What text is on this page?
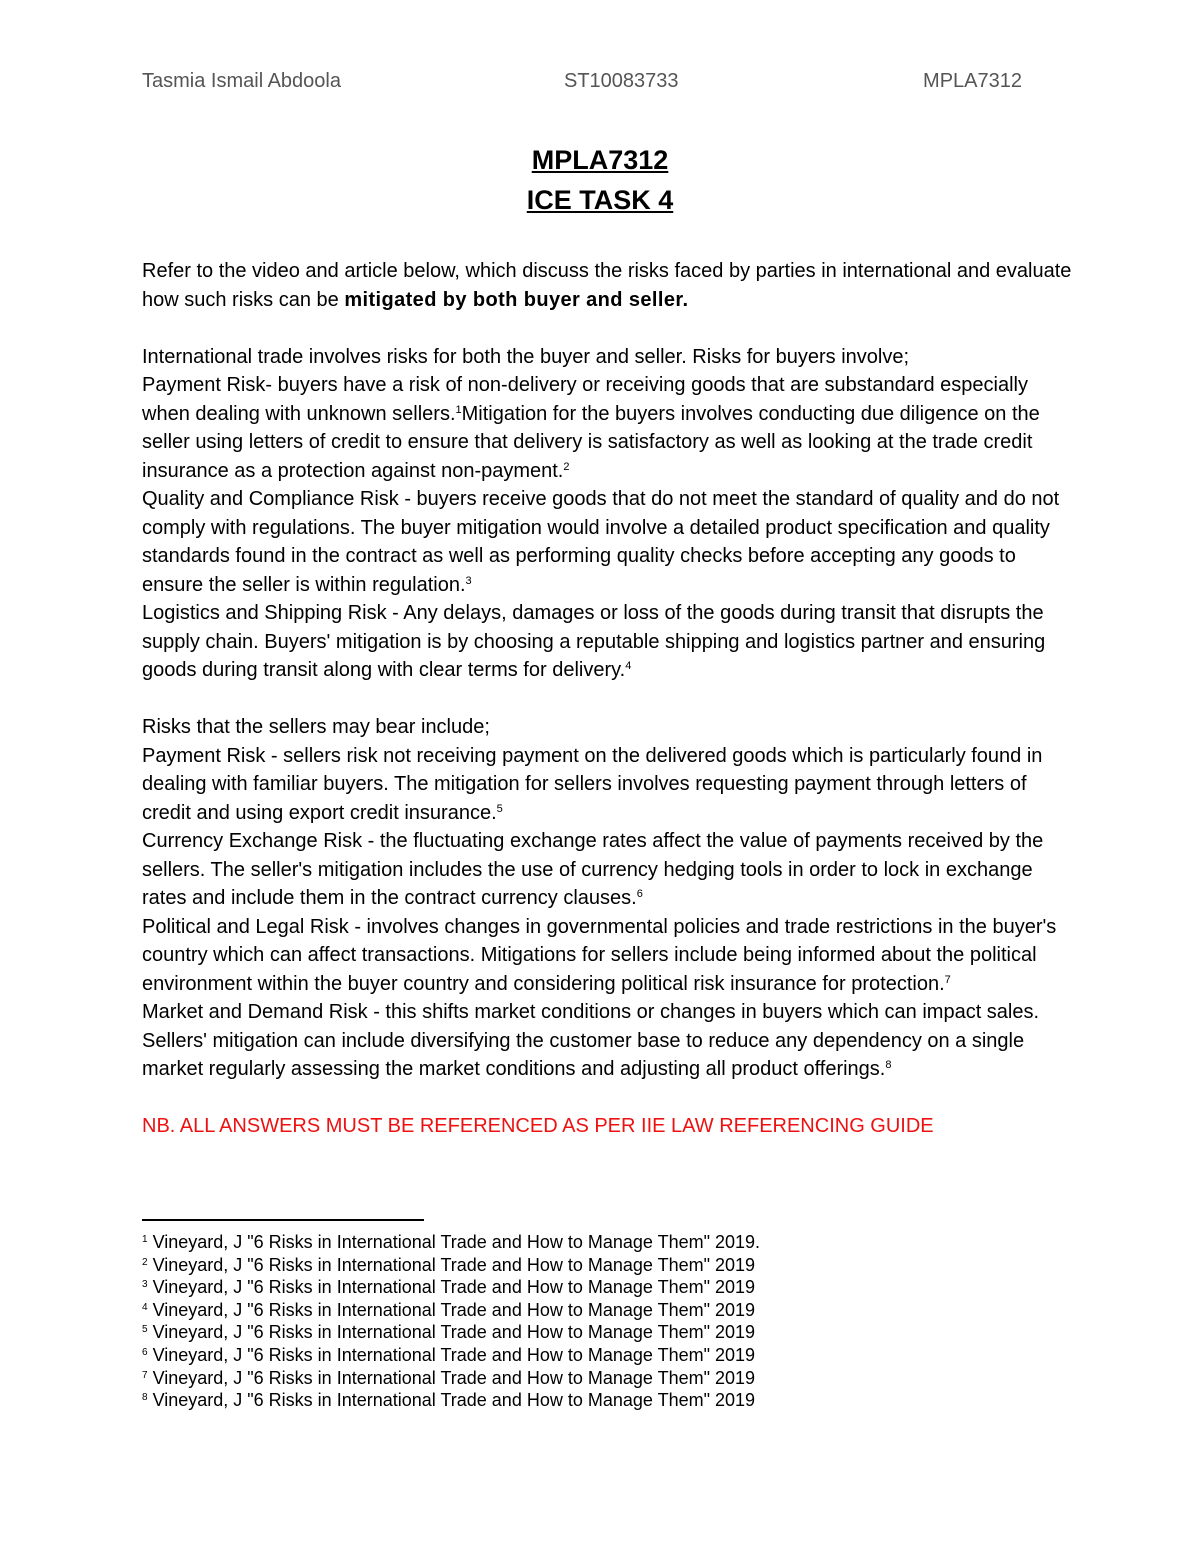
Tasmia Ismail Abdoola	ST10083733	MPLA7312
MPLA7312
ICE TASK 4

Refer to the video and article below, which discuss the risks faced by parties in international and evaluate how such risks can be mitigated by both buyer and seller.

International trade involves risks for both the buyer and seller. Risks for buyers involve;

Payment Risk- buyers have a risk of non-delivery or receiving goods that are substandard especially when dealing with unknown sellers.$^1$Mitigation for the buyers involves conducting due diligence on the seller using letters of credit to ensure that delivery is satisfactory as well as looking at the trade credit insurance as a protection against non-payment.$^2$

Quality and Compliance Risk - buyers receive goods that do not meet the standard of quality and do not comply with regulations. The buyer mitigation would involve a detailed product specification and quality standards found in the contract as well as performing quality checks before accepting any goods to ensure the seller is within regulation.$^3$

Logistics and Shipping Risk - Any delays, damages or loss of the goods during transit that disrupts the supply chain. Buyers' mitigation is by choosing a reputable shipping and logistics partner and ensuring goods during transit along with clear terms for delivery.$^4$

Risks that the sellers may bear include;

Payment Risk - sellers risk not receiving payment on the delivered goods which is particularly found in dealing with familiar buyers. The mitigation for sellers involves requesting payment through letters of credit and using export credit insurance.$^5$

Currency Exchange Risk - the fluctuating exchange rates affect the value of payments received by the sellers. The seller's mitigation includes the use of currency hedging tools in order to lock in exchange rates and include them in the contract currency clauses.$^6$

Political and Legal Risk - involves changes in governmental policies and trade restrictions in the buyer's country which can affect transactions. Mitigations for sellers include being informed about the political environment within the buyer country and considering political risk insurance for protection.$^7$

Market and Demand Risk - this shifts market conditions or changes in buyers which can impact sales. Sellers' mitigation can include diversifying the customer base to reduce any dependency on a single market regularly assessing the market conditions and adjusting all product offerings.$^8$

NB. ALL ANSWERS MUST BE REFERENCED AS PER IIE LAW REFERENCING GUIDE

$^1$ Vineyard, J "6 Risks in International Trade and How to Manage Them" 2019.
$^2$ Vineyard, J "6 Risks in International Trade and How to Manage Them" 2019
$^3$ Vineyard, J "6 Risks in International Trade and How to Manage Them" 2019
$^4$ Vineyard, J "6 Risks in International Trade and How to Manage Them" 2019
$^5$ Vineyard, J "6 Risks in International Trade and How to Manage Them" 2019
$^6$ Vineyard, J "6 Risks in International Trade and How to Manage Them" 2019
$^7$ Vineyard, J "6 Risks in International Trade and How to Manage Them" 2019
$^8$ Vineyard, J "6 Risks in International Trade and How to Manage Them" 2019
